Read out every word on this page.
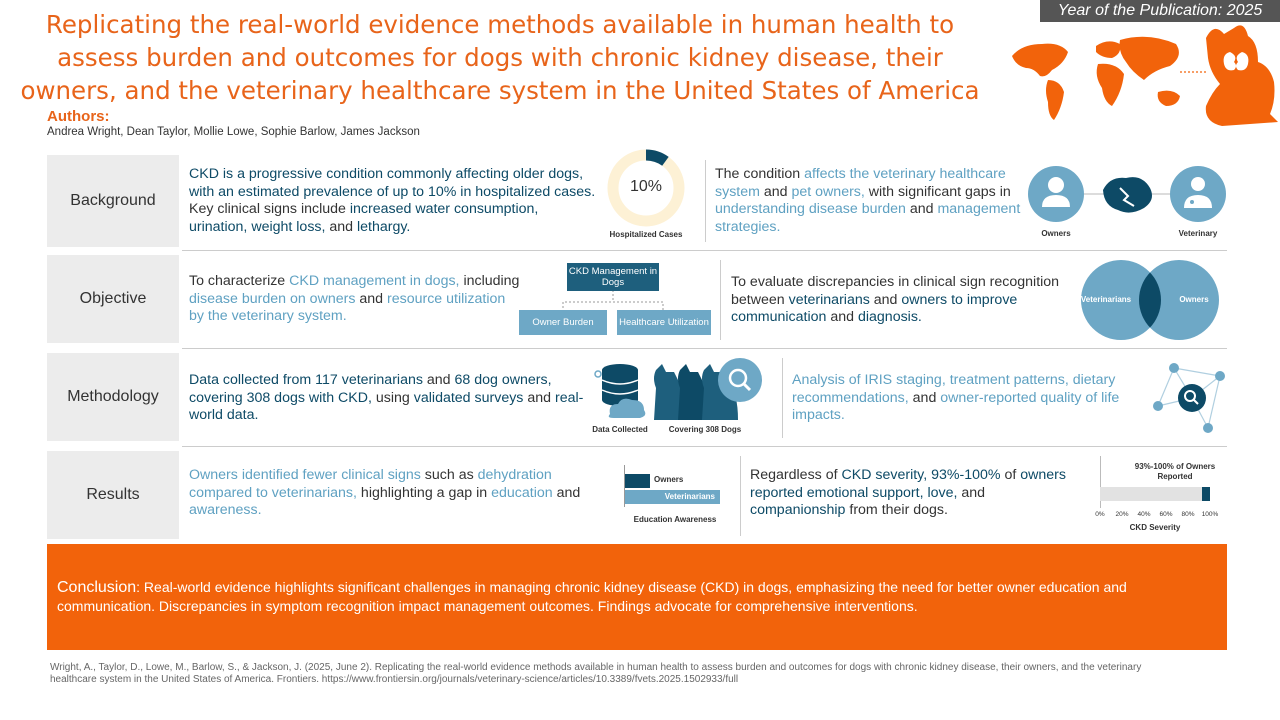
Replicating the real-world evidence methods available in human health to assess burden and outcomes for dogs with chronic kidney disease, their owners, and the veterinary healthcare system in the United States of America
Year of the Publication: 2025
Authors:
Andrea Wright, Dean Taylor, Mollie Lowe, Sophie Barlow, James Jackson
Background
CKD is a progressive condition commonly affecting older dogs, with an estimated prevalence of up to 10% in hospitalized cases. Key clinical signs include increased water consumption, urination, weight loss, and lethargy.
10%
Hospitalized Cases
The condition affects the veterinary healthcare system and pet owners, with significant gaps in understanding disease burden and management strategies.	Owners	Veterinary
Objective
To characterize CKD management in dogs, including disease burden on owners and resource utilization by the veterinary system.
CKD Management in Dogs
Owner Burden	Healthcare Utilization
To evaluate discrepancies in clinical sign recognition between veterinarians and owners to improve communication and diagnosis.
Veterinarians	Owners
Methodology
Data collected from 117 veterinarians and 68 dog owners, covering 308 dogs with CKD, using validated surveys and real-world data.
Data Collected	Covering 308 Dogs
Analysis of IRIS staging, treatment patterns, dietary recommendations, and owner-reported quality of life impacts.
Results
Owners identified fewer clinical signs such as dehydration compared to veterinarians, highlighting a gap in education and awareness.
Owners
Veterinarians
Education Awareness
Regardless of CKD severity, 93%-100% of owners reported emotional support, love, and companionship from their dogs.
93%-100% of Owners Reported
0% 20% 40% 60% 80% 100%
CKD Severity
Conclusion: Real-world evidence highlights significant challenges in managing chronic kidney disease (CKD) in dogs, emphasizing the need for better owner education and communication. Discrepancies in symptom recognition impact management outcomes. Findings advocate for comprehensive interventions.
Wright, A., Taylor, D., Lowe, M., Barlow, S., & Jackson, J. (2025, June 2). Replicating the real-world evidence methods available in human health to assess burden and outcomes for dogs with chronic kidney disease, their owners, and the veterinary healthcare system in the United States of America. Frontiers. https://www.frontiersin.org/journals/veterinary-science/articles/10.3389/fvets.2025.1502933/full
